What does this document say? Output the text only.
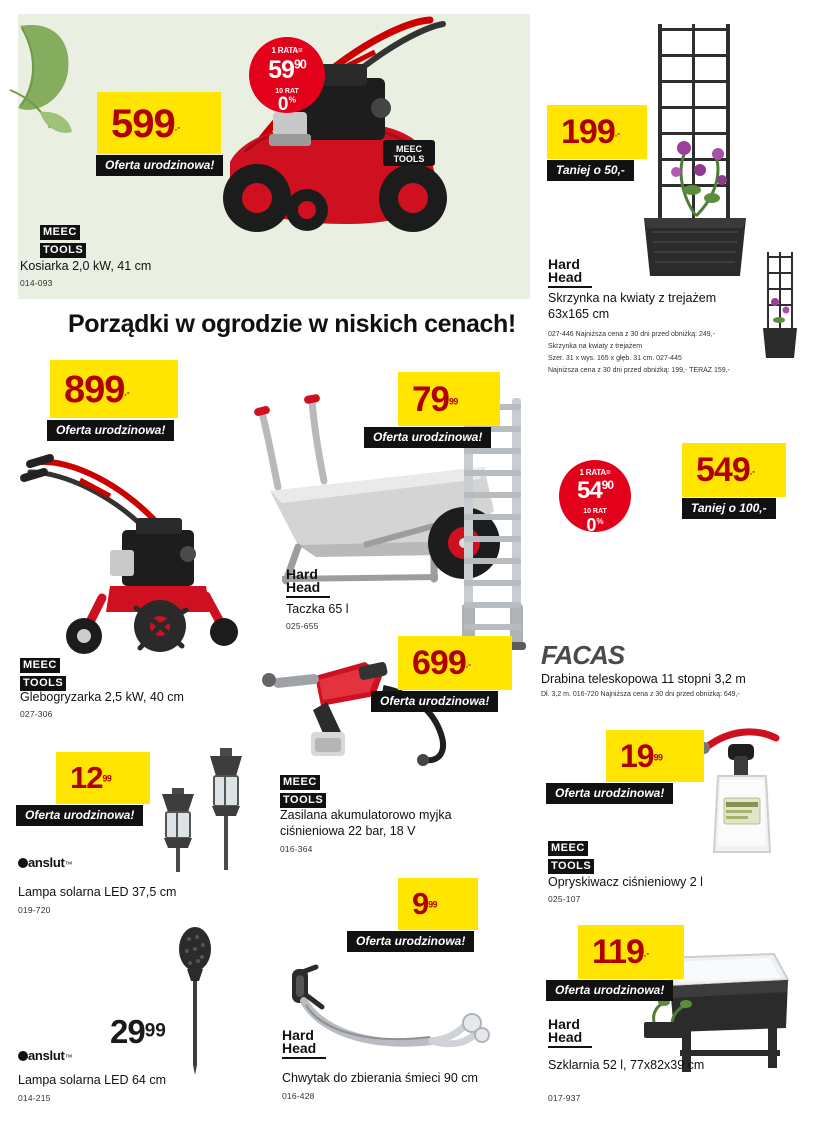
MEEC
TOOLS
1 RATA=
$59^{90}$
10 RAT
0%
599.-
Oferta urodzinowa!
MEEC
TOOLS
Kosiarka 2,0 kW, 41 cm
014-093
199.-
Taniej o 50,-
Hard
Head
Skrzynka na kwiaty z trejażem 63x165 cm
027-446 Najniższa cena z 30 dni przed obniżką: 249,-
Skrzynka na kwiaty z trejażem
Szer. 31 x wys. 165 x głęb. 31 cm. 027-445
Najniższa cena z 30 dni przed obniżką: 199,- TERAZ 159,-
Porządki w ogrodzie w niskich cenach!
899.-
Oferta urodzinowa!
MEEC
TOOLS
Glebogryzarka 2,5 kW, 40 cm
027-306
$79^{99}$
Oferta urodzinowa!
Hard
Head
Taczka 65 l
025-655
1 RATA=
$54^{90}$
10 RAT
0%
549.-
Taniej o 100,-
FACAS
Drabina teleskopowa 11 stopni 3,2 m
Dł. 3,2 m. 016-720 Najniższa cena z 30 dni przed obniżką: 649,-
699.-
Oferta urodzinowa!
MEEC
TOOLS
Zasilana akumulatorowo myjka ciśnieniowa 22 bar, 18 V
016-364
$19^{99}$
Oferta urodzinowa!
MEEC
TOOLS
Opryskiwacz ciśnieniowy 2 l
025-107
$12^{99}$
Oferta urodzinowa!
anslut™
Lampa solarna LED 37,5 cm
019-720
2999
anslut™
Lampa solarna LED 64 cm
014-215
$9^{99}$
Oferta urodzinowa!
Hard
Head
Chwytak do zbierania śmieci 90 cm
016-428
119.-
Oferta urodzinowa!
Hard
Head
Szklarnia 52 l, 77x82x39 cm
017-937
